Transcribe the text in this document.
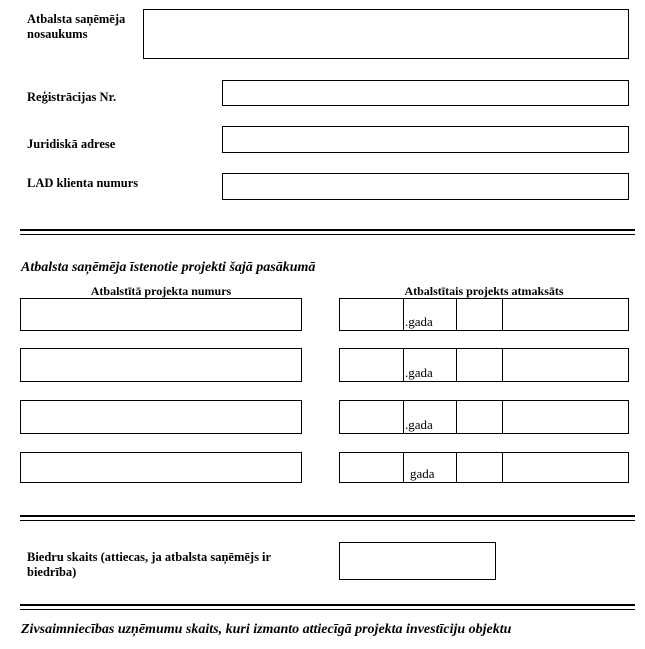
Atbalsta saņēmēja nosaukums
Reģistrācijas Nr.
Juridiskā adrese
LAD klienta numurs
Atbalsta saņēmēja īstenotie projekti šajā pasākumā
Atbalstītā projekta numurs	Atbalstītais projekts atmaksāts
.gada
.gada
.gada
gada
Biedru skaits (attiecas, ja atbalsta saņēmējs ir biedrība)
Zivsaimniecības uzņēmumu skaits, kuri izmanto attiecīgā projekta investīciju objektu
